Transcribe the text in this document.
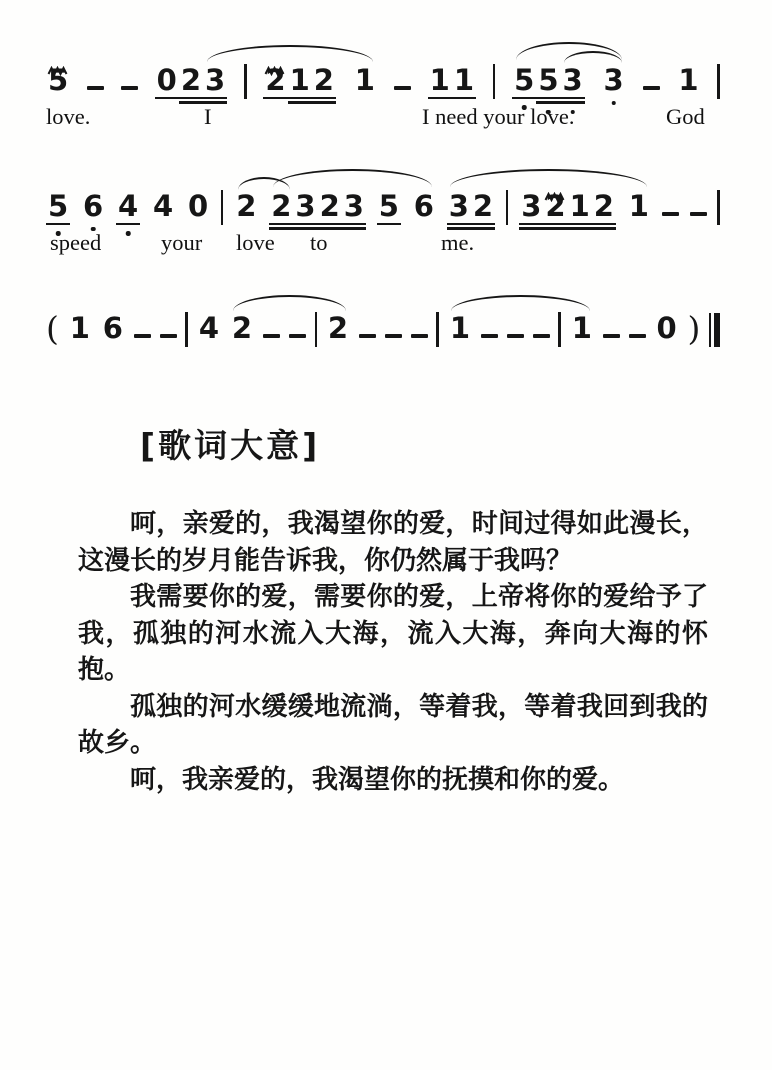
5	0 2 3 2 1 2 1 1 1 5 5 3 3 1
love.	I	I need your love.	God
5 6 4 4 0 2 2 3 2 3 5 6 3 2 3 2 1 2 1
speed	your love to	me.
( 1 6	4 2	2	1	1 0 )
[歌词大意]

呵，亲爱的，我渴望你的爱，时间过得如此漫长，这漫长的岁月能告诉我，你仍然属于我吗？

我需要你的爱，需要你的爱，上帝将你的爱给予了我，孤独的河水流入大海，流入大海，奔向大海的怀抱。

孤独的河水缓缓地流淌，等着我，等着我回到我的故乡。

呵，我亲爱的，我渴望你的抚摸和你的爱。
